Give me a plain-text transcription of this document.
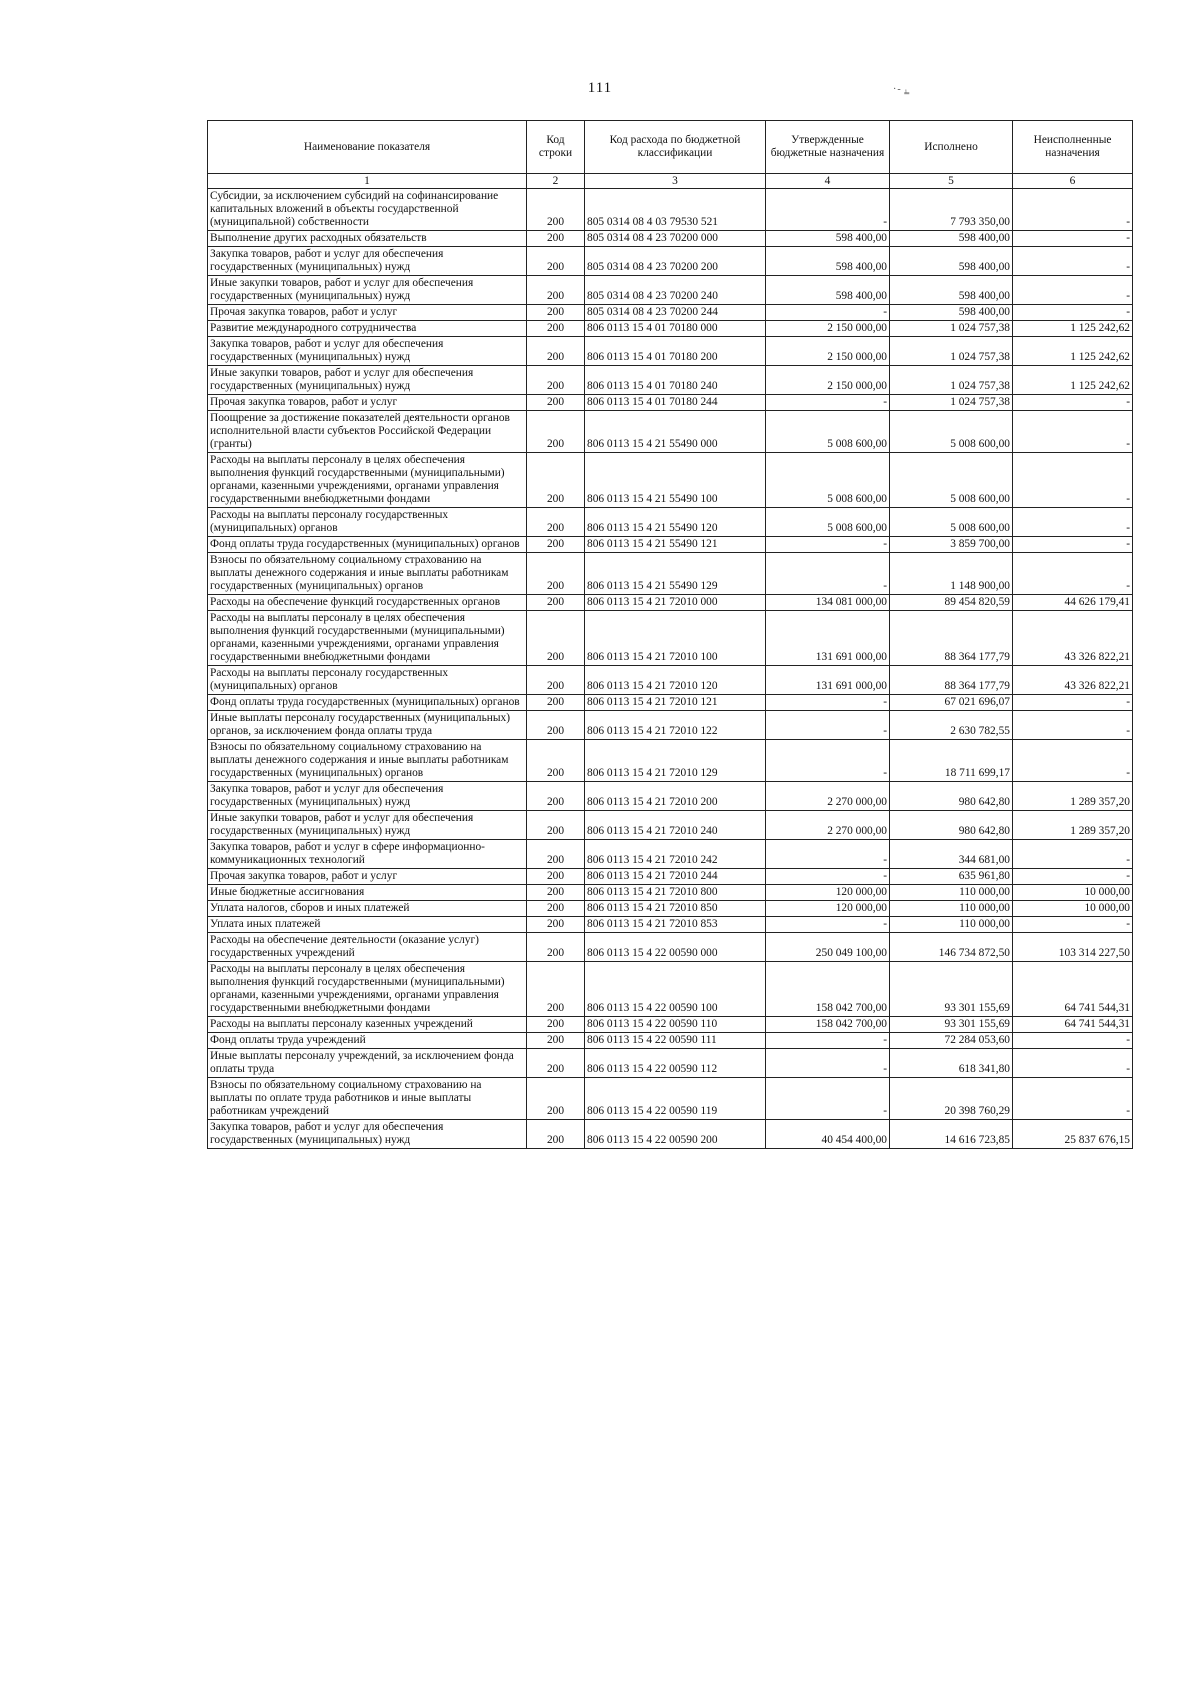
111	·‑ ᵢ̳
Наименование показателя	Код строки	Код расхода по бюджетной классификации	Утвержденные бюджетные назначения	Исполнено	Неисполненные назначения
1	2	3	4	5	6
Субсидии, за исключением субсидий на софинансирование капитальных вложений в объекты государственной (муниципальной) собственности	200	805 0314 08 4 03 79530 521	-	7 793 350,00	-
Выполнение других расходных обязательств	200	805 0314 08 4 23 70200 000	598 400,00	598 400,00	-
Закупка товаров, работ и услуг для обеспечения государственных (муниципальных) нужд	200	805 0314 08 4 23 70200 200	598 400,00	598 400,00	-
Иные закупки товаров, работ и услуг для обеспечения государственных (муниципальных) нужд	200	805 0314 08 4 23 70200 240	598 400,00	598 400,00	-
Прочая закупка товаров, работ и услуг	200	805 0314 08 4 23 70200 244	-	598 400,00	-
Развитие международного сотрудничества	200	806 0113 15 4 01 70180 000	2 150 000,00	1 024 757,38	1 125 242,62
Закупка товаров, работ и услуг для обеспечения государственных (муниципальных) нужд	200	806 0113 15 4 01 70180 200	2 150 000,00	1 024 757,38	1 125 242,62
Иные закупки товаров, работ и услуг для обеспечения государственных (муниципальных) нужд	200	806 0113 15 4 01 70180 240	2 150 000,00	1 024 757,38	1 125 242,62
Прочая закупка товаров, работ и услуг	200	806 0113 15 4 01 70180 244	-	1 024 757,38	-
Поощрение за достижение показателей деятельности органов исполнительной власти субъектов Российской Федерации (гранты)	200	806 0113 15 4 21 55490 000	5 008 600,00	5 008 600,00	-
Расходы на выплаты персоналу в целях обеспечения выполнения функций государственными (муниципальными) органами, казенными учреждениями, органами управления государственными внебюджетными фондами	200	806 0113 15 4 21 55490 100	5 008 600,00	5 008 600,00	-
Расходы на выплаты персоналу государственных (муниципальных) органов	200	806 0113 15 4 21 55490 120	5 008 600,00	5 008 600,00	-
Фонд оплаты труда государственных (муниципальных) органов	200	806 0113 15 4 21 55490 121	-	3 859 700,00	-
Взносы по обязательному социальному страхованию на выплаты денежного содержания и иные выплаты работникам государственных (муниципальных) органов	200	806 0113 15 4 21 55490 129	-	1 148 900,00	-
Расходы на обеспечение функций государственных органов	200	806 0113 15 4 21 72010 000	134 081 000,00	89 454 820,59	44 626 179,41
Расходы на выплаты персоналу в целях обеспечения выполнения функций государственными (муниципальными) органами, казенными учреждениями, органами управления государственными внебюджетными фондами	200	806 0113 15 4 21 72010 100	131 691 000,00	88 364 177,79	43 326 822,21
Расходы на выплаты персоналу государственных (муниципальных) органов	200	806 0113 15 4 21 72010 120	131 691 000,00	88 364 177,79	43 326 822,21
Фонд оплаты труда государственных (муниципальных) органов	200	806 0113 15 4 21 72010 121	-	67 021 696,07	-
Иные выплаты персоналу государственных (муниципальных) органов, за исключением фонда оплаты труда	200	806 0113 15 4 21 72010 122	-	2 630 782,55	-
Взносы по обязательному социальному страхованию на выплаты денежного содержания и иные выплаты работникам государственных (муниципальных) органов	200	806 0113 15 4 21 72010 129	-	18 711 699,17	-
Закупка товаров, работ и услуг для обеспечения государственных (муниципальных) нужд	200	806 0113 15 4 21 72010 200	2 270 000,00	980 642,80	1 289 357,20
Иные закупки товаров, работ и услуг для обеспечения государственных (муниципальных) нужд	200	806 0113 15 4 21 72010 240	2 270 000,00	980 642,80	1 289 357,20
Закупка товаров, работ и услуг в сфере информационно-коммуникационных технологий	200	806 0113 15 4 21 72010 242	-	344 681,00	-
Прочая закупка товаров, работ и услуг	200	806 0113 15 4 21 72010 244	-	635 961,80	-
Иные бюджетные ассигнования	200	806 0113 15 4 21 72010 800	120 000,00	110 000,00	10 000,00
Уплата налогов, сборов и иных платежей	200	806 0113 15 4 21 72010 850	120 000,00	110 000,00	10 000,00
Уплата иных платежей	200	806 0113 15 4 21 72010 853	-	110 000,00	-
Расходы на обеспечение деятельности (оказание услуг) государственных учреждений	200	806 0113 15 4 22 00590 000	250 049 100,00	146 734 872,50	103 314 227,50
Расходы на выплаты персоналу в целях обеспечения выполнения функций государственными (муниципальными) органами, казенными учреждениями, органами управления государственными внебюджетными фондами	200	806 0113 15 4 22 00590 100	158 042 700,00	93 301 155,69	64 741 544,31
Расходы на выплаты персоналу казенных учреждений	200	806 0113 15 4 22 00590 110	158 042 700,00	93 301 155,69	64 741 544,31
Фонд оплаты труда учреждений	200	806 0113 15 4 22 00590 111	-	72 284 053,60	-
Иные выплаты персоналу учреждений, за исключением фонда оплаты труда	200	806 0113 15 4 22 00590 112	-	618 341,80	-
Взносы по обязательному социальному страхованию на выплаты по оплате труда работников и иные выплаты работникам учреждений	200	806 0113 15 4 22 00590 119	-	20 398 760,29	-
Закупка товаров, работ и услуг для обеспечения государственных (муниципальных) нужд	200	806 0113 15 4 22 00590 200	40 454 400,00	14 616 723,85	25 837 676,15
